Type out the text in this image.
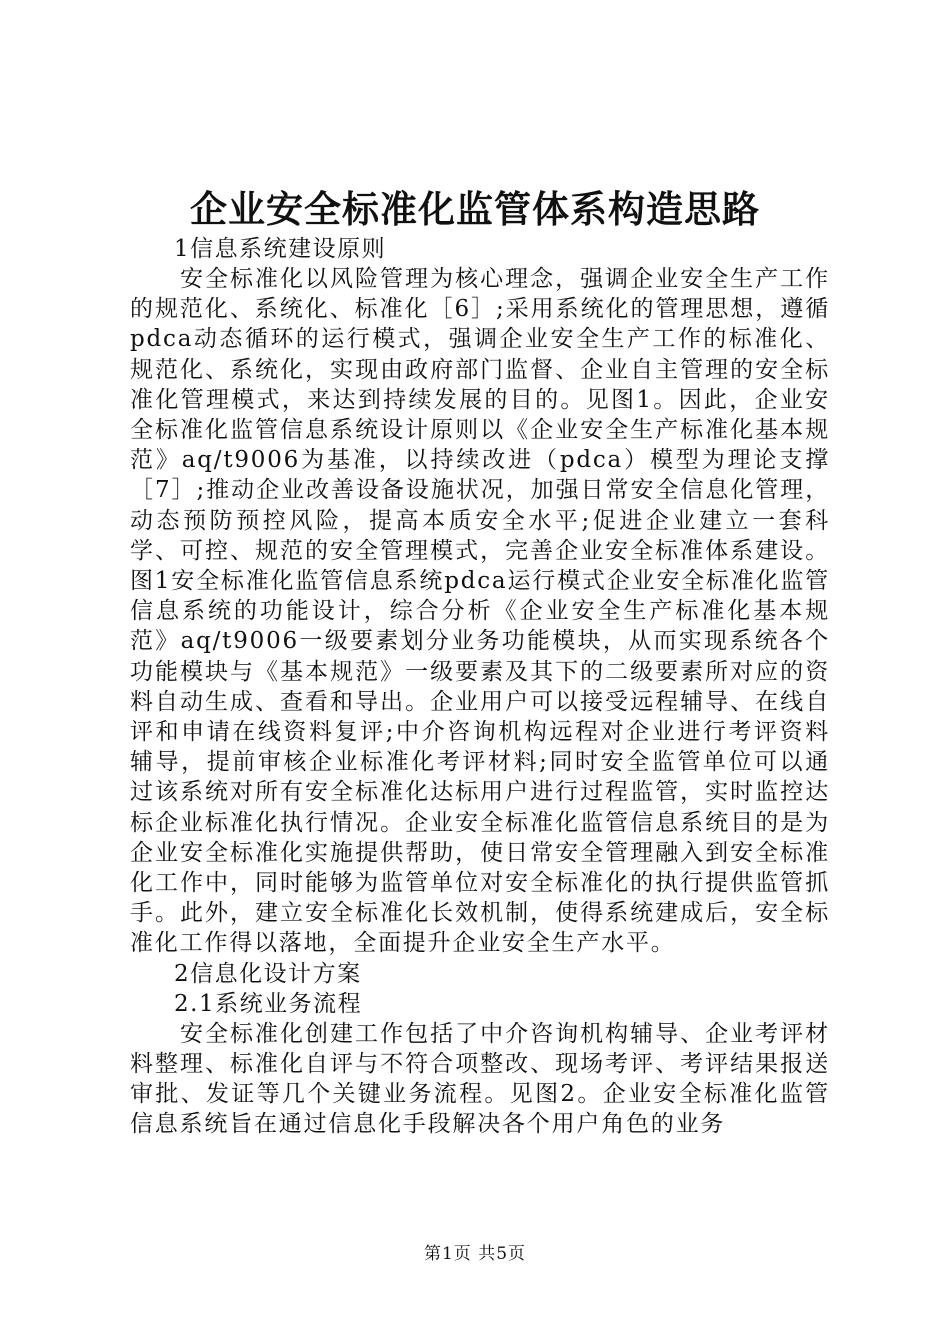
企业安全标准化监管体系构造思路

1信息系统建设原则

安全标准化以风险管理为核心理念，强调企业安全生产工作的规范化、系统化、标准化［6］;采用系统化的管理思想，遵循pdca动态循环的运行模式，强调企业安全生产工作的标准化、规范化、系统化，实现由政府部门监督、企业自主管理的安全标准化管理模式，来达到持续发展的目的。见图1。因此，企业安全标准化监管信息系统设计原则以《企业安全生产标准化基本规范》aq/t9006为基准，以持续改进（pdca）模型为理论支撑［7］;推动企业改善设备设施状况，加强日常安全信息化管理，动态预防预控风险，提高本质安全水平;促进企业建立一套科学、可控、规范的安全管理模式，完善企业安全标准体系建设。图1安全标准化监管信息系统pdca运行模式企业安全标准化监管信息系统的功能设计，综合分析《企业安全生产标准化基本规范》aq/t9006一级要素划分业务功能模块，从而实现系统各个功能模块与《基本规范》一级要素及其下的二级要素所对应的资料自动生成、查看和导出。企业用户可以接受远程辅导、在线自评和申请在线资料复评;中介咨询机构远程对企业进行考评资料辅导，提前审核企业标准化考评材料;同时安全监管单位可以通过该系统对所有安全标准化达标用户进行过程监管，实时监控达标企业标准化执行情况。企业安全标准化监管信息系统目的是为企业安全标准化实施提供帮助，使日常安全管理融入到安全标准化工作中，同时能够为监管单位对安全标准化的执行提供监管抓手。此外，建立安全标准化长效机制，使得系统建成后，安全标准化工作得以落地，全面提升企业安全生产水平。

2信息化设计方案

2.1系统业务流程

安全标准化创建工作包括了中介咨询机构辅导、企业考评材料整理、标准化自评与不符合项整改、现场考评、考评结果报送审批、发证等几个关键业务流程。见图2。企业安全标准化监管信息系统旨在通过信息化手段解决各个用户角色的业务

第1页 共5页
